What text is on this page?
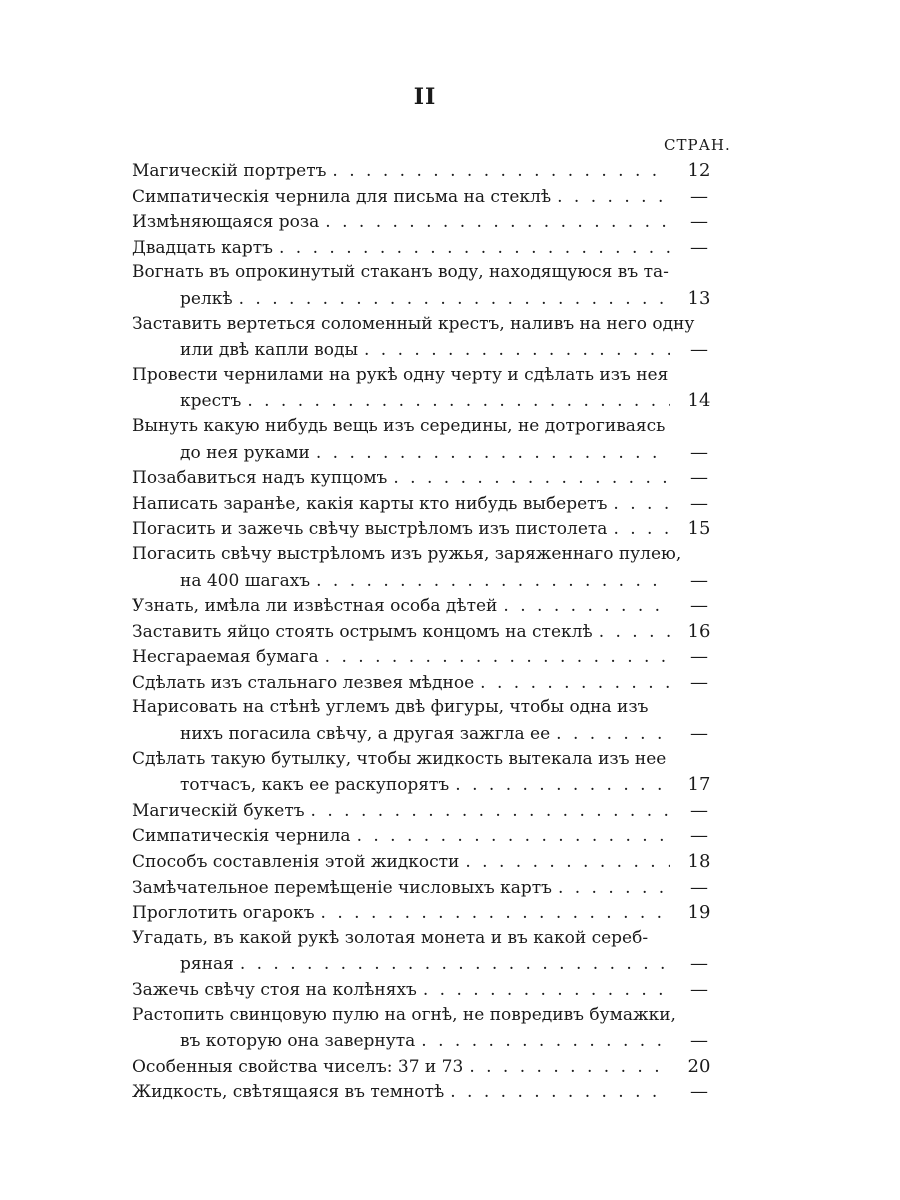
II
СТРАН.
Магическій портретъ . . .	12
Симпатическія чернила для письма на стеклѣ . . .	—
Измѣняющаяся роза . . .	—
Двадцать картъ . . .	—
Вогнать въ опрокинутый стаканъ воду, находящуюся въ та-
релкѣ . . .	13
Заставить вертеться соломенный крестъ, наливъ на него одну
или двѣ капли воды . . .	—
Провести чернилами на рукѣ одну черту и сдѣлать изъ нея
крестъ . . .	14
Вынуть какую нибудь вещь изъ середины, не дотрогиваясь
до нея руками . . .	—
Позабавиться надъ купцомъ . . .	—
Написать заранѣе, какія карты кто нибудь выберетъ . . .	—
Погасить и зажечь свѣчу выстрѣломъ изъ пистолета . . .	15
Погасить свѣчу выстрѣломъ изъ ружья, заряженнаго пулею,
на 400 шагахъ . . .	—
Узнать, имѣла ли извѣстная особа дѣтей . . .	—
Заставить яйцо стоять острымъ концомъ на стеклѣ . . .	16
Несгараемая бумага . . .	—
Сдѣлать изъ стальнаго лезвея мѣдное . . .	—
Нарисовать на стѣнѣ углемъ двѣ фигуры, чтобы одна изъ
нихъ погасила свѣчу, а другая зажгла ее . . .	—
Сдѣлать такую бутылку, чтобы жидкость вытекала изъ нее
тотчасъ, какъ ее раскупорятъ . . .	17
Магическій букетъ . . .	—
Симпатическія чернила . . .	—
Способъ составленія этой жидкости . . .	18
Замѣчательное перемѣщеніе числовыхъ картъ . . .	—
Проглотить огарокъ . . .	19
Угадать, въ какой рукѣ золотая монета и въ какой сереб-
ряная . . .	—
Зажечь свѣчу стоя на колѣняхъ . . .	—
Растопить свинцовую пулю на огнѣ, не повредивъ бумажки,
въ которую она завернута . . .	—
Особенныя свойства чиселъ: 37 и 73 . . .	20
Жидкость, свѣтящаяся въ темнотѣ . . .	—
